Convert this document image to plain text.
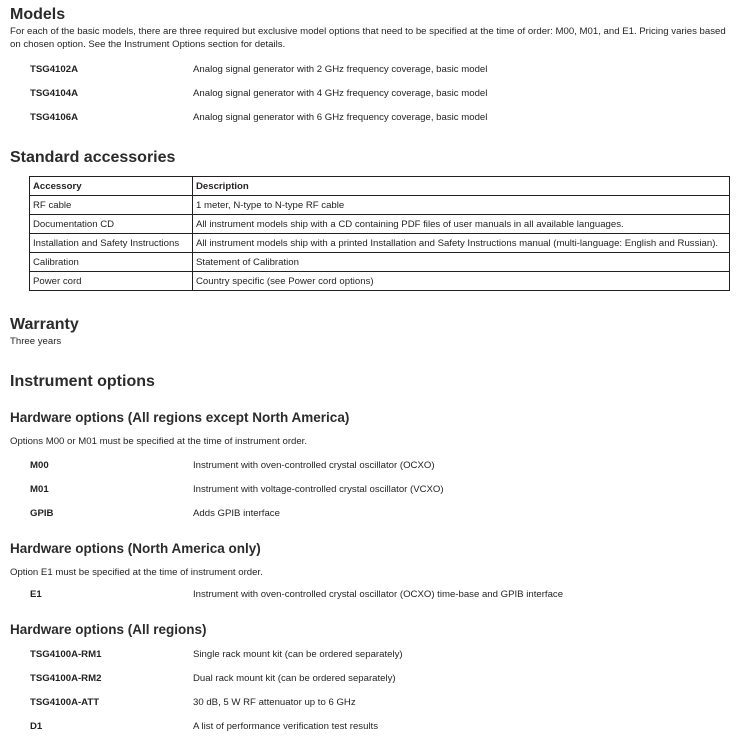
Models
For each of the basic models, there are three required but exclusive model options that need to be specified at the time of order: M00, M01, and E1. Pricing varies based on chosen option. See the Instrument Options section for details.
TSG4102A	Analog signal generator with 2 GHz frequency coverage, basic model
TSG4104A	Analog signal generator with 4 GHz frequency coverage, basic model
TSG4106A	Analog signal generator with 6 GHz frequency coverage, basic model
Standard accessories
Accessory	Description
RF cable	1 meter, N-type to N-type RF cable
Documentation CD	All instrument models ship with a CD containing PDF files of user manuals in all available languages.
Installation and Safety Instructions	All instrument models ship with a printed Installation and Safety Instructions manual (multi-language: English and Russian).
Calibration	Statement of Calibration
Power cord	Country specific (see Power cord options)
Warranty
Three years
Instrument options
Hardware options (All regions except North America)
Options M00 or M01 must be specified at the time of instrument order.
M00	Instrument with oven-controlled crystal oscillator (OCXO)
M01	Instrument with voltage-controlled crystal oscillator (VCXO)
GPIB	Adds GPIB interface
Hardware options (North America only)
Option E1 must be specified at the time of instrument order.
E1	Instrument with oven-controlled crystal oscillator (OCXO) time-base and GPIB interface
Hardware options (All regions)
TSG4100A-RM1	Single rack mount kit (can be ordered separately)
TSG4100A-RM2	Dual rack mount kit (can be ordered separately)
TSG4100A-ATT	30 dB, 5 W RF attenuator up to 6 GHz
D1	A list of performance verification test results
